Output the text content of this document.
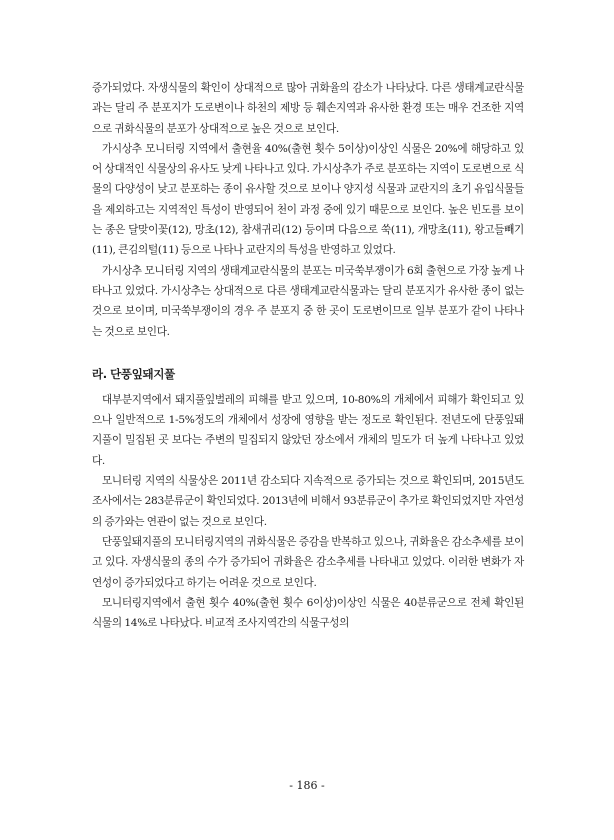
증가되었다. 자생식물의 확인이 상대적으로 많아 귀화율의 감소가 나타났다. 다른 생태계교란식물과는 달리 주 분포지가 도로변이나 하천의 제방 등 훼손지역과 유사한 환경 또는 매우 건조한 지역으로 귀화식물의 분포가 상대적으로 높은 것으로 보인다.

가시상추 모니터링 지역에서 출현율 40%(출현 횟수 5이상)이상인 식물은 20%에 해당하고 있어 상대적인 식물상의 유사도 낮게 나타나고 있다. 가시상추가 주로 분포하는 지역이 도로변으로 식물의 다양성이 낮고 분포하는 종이 유사할 것으로 보이나 양지성 식물과 교란지의 초기 유입식물들을 제외하고는 지역적인 특성이 반영되어 천이 과정 중에 있기 때문으로 보인다. 높은 빈도를 보이는 종은 달맞이꽃(12), 망초(12), 참새귀리(12) 등이며 다음으로 쑥(11), 개망초(11), 왕고들빼기(11), 큰김의털(11) 등으로 나타나 교란지의 특성을 반영하고 있었다.

가시상추 모니터링 지역의 생태계교란식물의 분포는 미국쑥부쟁이가 6회 출현으로 가장 높게 나타나고 있었다. 가시상추는 상대적으로 다른 생태계교란식물과는 달리 분포지가 유사한 종이 없는 것으로 보이며, 미국쑥부쟁이의 경우 주 분포지 중 한 곳이 도로변이므로 일부 분포가 같이 나타나는 것으로 보인다.

라. 단풍잎돼지풀

대부분지역에서 돼지풀잎벌레의 피해를 받고 있으며, 10-80%의 개체에서 피해가 확인되고 있으나 일반적으로 1-5%정도의 개체에서 성장에 영향을 받는 정도로 확인된다. 전년도에 단풍잎돼지풀이 밀집된 곳 보다는 주변의 밀집되지 않았던 장소에서 개체의 밀도가 더 높게 나타나고 있었다.

모니터링 지역의 식물상은 2011년 감소되다 지속적으로 증가되는 것으로 확인되며, 2015년도 조사에서는 283분류군이 확인되었다. 2013년에 비해서 93분류군이 추가로 확인되었지만 자연성의 증가와는 연관이 없는 것으로 보인다.

단풍잎돼지풀의 모니터링지역의 귀화식물은 증감을 반복하고 있으나, 귀화율은 감소추세를 보이고 있다. 자생식물의 종의 수가 증가되어 귀화율은 감소추세를 나타내고 있었다. 이러한 변화가 자연성이 증가되었다고 하기는 어려운 것으로 보인다.

모니터링지역에서 출현 횟수 40%(출현 횟수 6이상)이상인 식물은 40분류군으로 전체 확인된 식물의 14%로 나타났다. 비교적 조사지역간의 식물구성의

- 186 -
